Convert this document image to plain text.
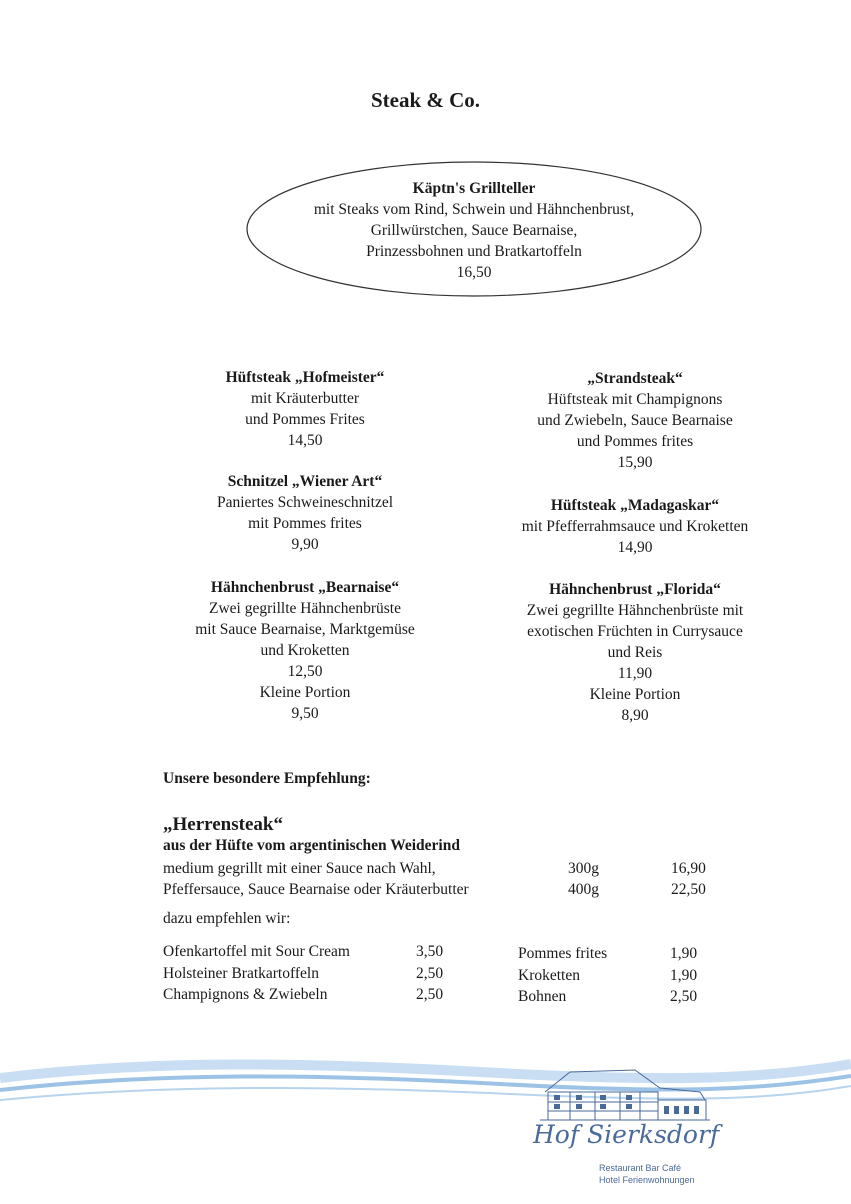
Steak & Co.
Käptn's Grillteller
mit Steaks vom Rind, Schwein und Hähnchenbrust,
Grillwürstchen, Sauce Bearnaise,
Prinzessbohnen und Bratkartoffeln
16,50
Hüftsteak „Hofmeister“
mit Kräuterbutter
und Pommes Frites
14,50
Schnitzel „Wiener Art“
Paniertes Schweineschnitzel
mit Pommes frites
9,90
Hähnchenbrust „Bearnaise“
Zwei gegrillte Hähnchenbrüste
mit Sauce Bearnaise, Marktgemüse
und Kroketten
12,50
Kleine Portion
9,50
„Strandsteak“
Hüftsteak mit Champignons
und Zwiebeln, Sauce Bearnaise
und Pommes frites
15,90
Hüftsteak „Madagaskar“
mit Pfefferrahmsauce und Kroketten
14,90
Hähnchenbrust „Florida“
Zwei gegrillte Hähnchenbrüste mit
exotischen Früchten in Currysauce
und Reis
11,90
Kleine Portion
8,90
Unsere besondere Empfehlung:
„Herrensteak“
aus der Hüfte vom argentinischen Weiderind
medium gegrillt mit einer Sauce nach Wahl,	300g	16,90
Pfeffersauce, Sauce Bearnaise oder Kräuterbutter	400g	22,50
dazu empfehlen wir:
Ofenkartoffel mit Sour Cream	3,50
Holsteiner Bratkartoffeln	2,50
Champignons & Zwiebeln	2,50
Pommes frites	1,90
Kroketten	1,90
Bohnen	2,50
Hof Sierksdorf
Restaurant Bar Café
Hotel Ferienwohnungen
